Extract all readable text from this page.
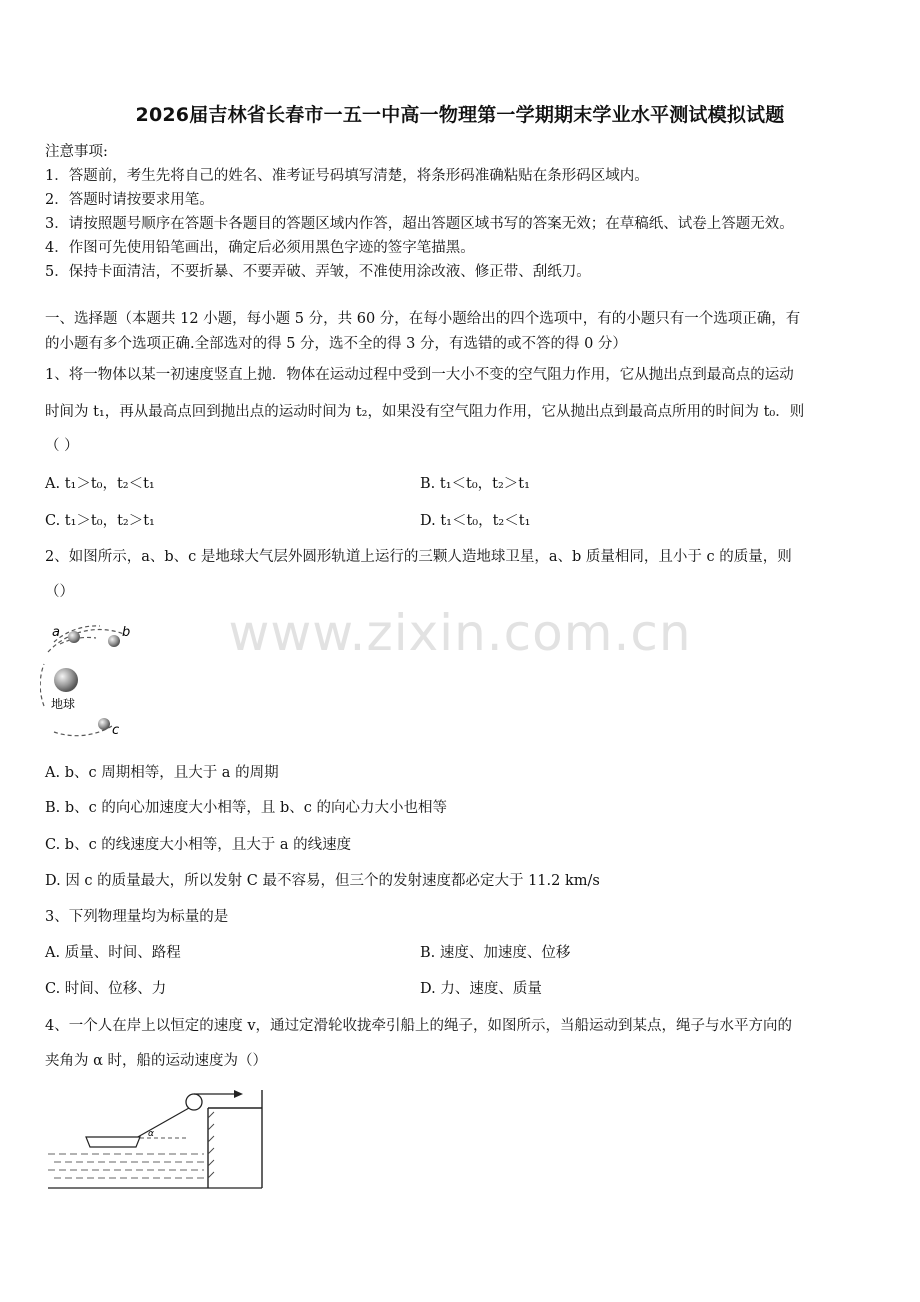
2026届吉林省长春市一五一中高一物理第一学期期末学业水平测试模拟试题
注意事项:
1．答题前，考生先将自己的姓名、准考证号码填写清楚，将条形码准确粘贴在条形码区域内。
2．答题时请按要求用笔。
3．请按照题号顺序在答题卡各题目的答题区域内作答，超出答题区域书写的答案无效；在草稿纸、试卷上答题无效。
4．作图可先使用铅笔画出，确定后必须用黑色字迹的签字笔描黑。
5．保持卡面清洁，不要折暴、不要弄破、弄皱，不准使用涂改液、修正带、刮纸刀。
一、选择题（本题共 12 小题，每小题 5 分，共 60 分，在每小题给出的四个选项中，有的小题只有一个选项正确，有
的小题有多个选项正确.全部选对的得 5 分，选不全的得 3 分，有选错的或不答的得 0 分）
1、将一物体以某一初速度竖直上抛．物体在运动过程中受到一大小不变的空气阻力作用，它从抛出点到最高点的运动
时间为 t₁，再从最高点回到抛出点的运动时间为 t₂，如果没有空气阻力作用，它从抛出点到最高点所用的时间为 t₀．则
（ ）
A. t₁＞t₀，t₂＜t₁	B. t₁＜t₀，t₂＞t₁
C. t₁＞t₀，t₂＞t₁	D. t₁＜t₀，t₂＜t₁
2、如图所示，a、b、c 是地球大气层外圆形轨道上运行的三颗人造地球卫星，a、b 质量相同，且小于 c 的质量，则
（）
www.zixin.com.cn
a	b
c
地球
A. b、c 周期相等，且大于 a 的周期
B. b、c 的向心加速度大小相等，且 b、c 的向心力大小也相等
C. b、c 的线速度大小相等，且大于 a 的线速度
D. 因 c 的质量最大，所以发射 C 最不容易，但三个的发射速度都必定大于 11.2 km/s
3、下列物理量均为标量的是
A. 质量、时间、路程	B. 速度、加速度、位移
C. 时间、位移、力	D. 力、速度、质量
4、一个人在岸上以恒定的速度 v，通过定滑轮收拢牵引船上的绳子，如图所示，当船运动到某点，绳子与水平方向的
夹角为 α 时，船的运动速度为（）
α
